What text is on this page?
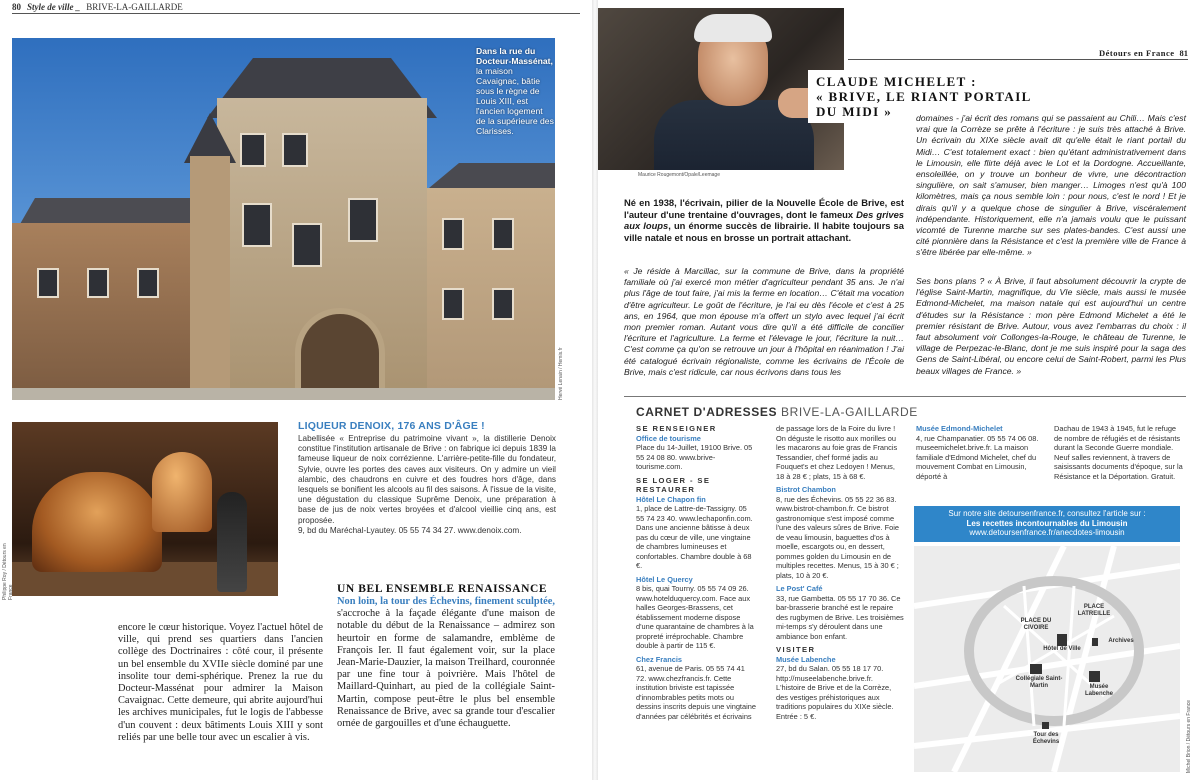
80 Style de ville _ BRIVE-LA-GAILLARDE
Dans la rue du Docteur-Massénat, la maison Cavaignac, bâtie sous le règne de Louis XIII, est l'ancien logement de la supérieure des Clarisses.
Hervé Lenain / Hemis.fr
Philippe Roy / Détours en France
LIQUEUR DENOIX, 176 ANS D'ÂGE !

Labellisée « Entreprise du patrimoine vivant », la distillerie Denoix constitue l'institution artisanale de Brive : on fabrique ici depuis 1839 la fameuse liqueur de noix corrézienne. L'arrière-petite-fille du fondateur, Sylvie, ouvre les portes des caves aux visiteurs. On y admire un vieil alambic, des chaudrons en cuivre et des foudres hors d'âge, dans lesquels se bonifient les alcools au fil des saisons. À l'issue de la visite, une dégustation du classique Suprême Denoix, une préparation à base de jus de noix vertes broyées et d'alcool vieillie cinq ans, est proposée.

9, bd du Maréchal-Lyautey. 05 55 74 34 27. www.denoix.com.

encore le cœur historique. Voyez l'actuel hôtel de ville, qui prend ses quartiers dans l'ancien collège des Doctrinaires : côté cour, il présente un bel ensemble du XVIIe siècle dominé par une insolite tour demi-sphérique. Prenez la rue du Docteur-Massénat pour admirer la Maison Cavaignac. Cette demeure, qui abrite aujourd'hui les archives municipales, fut le logis de l'abbesse d'un couvent : deux bâtiments Louis XIII y sont reliés par une belle tour avec un escalier à vis.
UN BEL ENSEMBLE RENAISSANCE
Non loin, la tour des Échevins, finement sculptée, s'accroche à la façade élégante d'une maison de notable du début de la Renaissance – admirez son heurtoir en forme de salamandre, emblème de François Ier. Il faut également voir, sur la place Jean-Marie-Dauzier, la maison Treilhard, couronnée par une fine tour à poivrière. Mais l'hôtel de Maillard-Quinhart, au pied de la collégiale Saint-Martin, compose peut-être le plus bel ensemble Renaissance de Brive, avec sa grande tour d'escalier ornée de gargouilles et d'une échauguette.
Maurice Rougemont/Opale/Leemage
Détours en France 81
CLAUDE MICHELET :
« BRIVE, LE RIANT PORTAIL DU MIDI »
Né en 1938, l'écrivain, pilier de la Nouvelle École de Brive, est l'auteur d'une trentaine d'ouvrages, dont le fameux Des grives aux loups, un énorme succès de librairie. Il habite toujours sa ville natale et nous en brosse un portrait attachant.
« Je réside à Marcillac, sur la commune de Brive, dans la propriété familiale où j'ai exercé mon métier d'agriculteur pendant 35 ans. Je n'ai plus l'âge de tout faire, j'ai mis la ferme en location… C'était ma vocation d'être agriculteur. Le goût de l'écriture, je l'ai eu dès l'école et c'est à 25 ans, en 1964, que mon épouse m'a offert un stylo avec lequel j'ai écrit mon premier roman. Autant vous dire qu'il a été difficile de concilier l'écriture et l'agriculture. La ferme et l'élevage le jour, l'écriture la nuit… C'est comme ça qu'on se retrouve un jour à l'hôpital en réanimation ! J'ai été catalogué écrivain régionaliste, comme les écrivains de l'École de Brive, mais c'est ridicule, car nous écrivons dans tous les
domaines - j'ai écrit des romans qui se passaient au Chili… Mais c'est vrai que la Corrèze se prête à l'écriture : je suis très attaché à Brive. Un écrivain du XIXe siècle avait dit qu'elle était le riant portail du Midi… C'est totalement exact : bien qu'étant administrativement dans le Limousin, elle flirte déjà avec le Lot et la Dordogne. Accueillante, ensoleillée, on y trouve un bonheur de vivre, une décontraction singulière, on sait s'amuser, bien manger… Limoges n'est qu'à 100 kilomètres, mais ça nous semble loin : pour nous, c'est le nord ! Et je dirais qu'il y a quelque chose de singulier à Brive, viscéralement indépendante. Historiquement, elle n'a jamais voulu que le puissant vicomté de Turenne marche sur ses plates-bandes. C'est aussi une cité pionnière dans la Résistance et c'est la première ville de France à s'être libérée par elle-même. »
Ses bons plans ? « À Brive, il faut absolument découvrir la crypte de l'église Saint-Martin, magnifique, du VIe siècle, mais aussi le musée Edmond-Michelet, ma maison natale qui est aujourd'hui un centre d'études sur la Résistance : mon père Edmond Michelet a été le premier résistant de Brive. Autour, vous avez l'embarras du choix : il faut absolument voir Collonges-la-Rouge, le château de Turenne, le village de Perpezac-le-Blanc, dont je me suis inspiré pour la saga des Gens de Saint-Libéral, ou encore celui de Saint-Robert, parmi les Plus beaux villages de France. »
CARNET D'ADRESSES BRIVE-LA-GAILLARDE
SE RENSEIGNER
Office de tourisme
Place du 14-Juillet, 19100 Brive. 05 55 24 08 80. www.brive-tourisme.com.
SE LOGER - SE RESTAURER
Hôtel Le Chapon fin
1, place de Lattre-de-Tassigny. 05 55 74 23 40. www.lechaponfin.com. Dans une ancienne bâtisse à deux pas du cœur de ville, une vingtaine de chambres lumineuses et confortables. Chambre double à 68 €.
Hôtel Le Quercy
8 bis, quai Tourny. 05 55 74 09 26. www.hotelduquercy.com. Face aux halles Georges-Brassens, cet établissement moderne dispose d'une quarantaine de chambres à la propreté irréprochable. Chambre double à partir de 115 €.
Chez Francis
61, avenue de Paris. 05 55 74 41 72. www.chezfrancis.fr. Cette institution briviste est tapissée d'innombrables petits mots ou dessins inscrits depuis une vingtaine d'années par célébrités et écrivains
de passage lors de la Foire du livre ! On déguste le risotto aux morilles ou les macarons au foie gras de Francis Tessandier, chef formé jadis au Fouquet's et chez Ledoyen ! Menus, 18 à 28 € ; plats, 15 à 68 €.
Bistrot Chambon
8, rue des Échevins. 05 55 22 36 83. www.bistrot-chambon.fr. Ce bistrot gastronomique s'est imposé comme l'une des valeurs sûres de Brive. Foie de veau limousin, baguettes d'os à moelle, escargots ou, en dessert, pommes golden du Limousin en de multiples recettes. Menus, 15 à 30 € ; plats, 10 à 20 €.
Le Post' Café
33, rue Gambetta. 05 55 17 70 36. Ce bar-brasserie branché est le repaire des rugbymen de Brive. Les troisièmes mi-temps s'y déroulent dans une ambiance bon enfant.
VISITER
Musée Labenche
27, bd du Salan. 05 55 18 17 70. http://museelabenche.brive.fr. L'histoire de Brive et de la Corrèze, des vestiges préhistoriques aux traditions populaires du XIXe siècle. Entrée : 5 €.
Musée Edmond-Michelet
4, rue Champanatier. 05 55 74 06 08. museemichelet.brive.fr. La maison familiale d'Edmond Michelet, chef du mouvement Combat en Limousin, déporté à
Dachau de 1943 à 1945, fut le refuge de nombre de réfugiés et de résistants durant la Seconde Guerre mondiale. Neuf salles reviennent, à travers de saisissants documents d'époque, sur la Résistance et la Déportation. Gratuit.
Sur notre site detoursenfrance.fr, consultez l'article sur :
Les recettes incontournables du Limousin
www.detoursenfrance.fr/anecdotes-limousin
Hôtel de Ville
Collégiale Saint-Martin	Musée Labenche
Tour des Échevins
Archives
PLACE DU CIVOIRE
PLACE LATREILLE
Michel Brion / Détours en France
